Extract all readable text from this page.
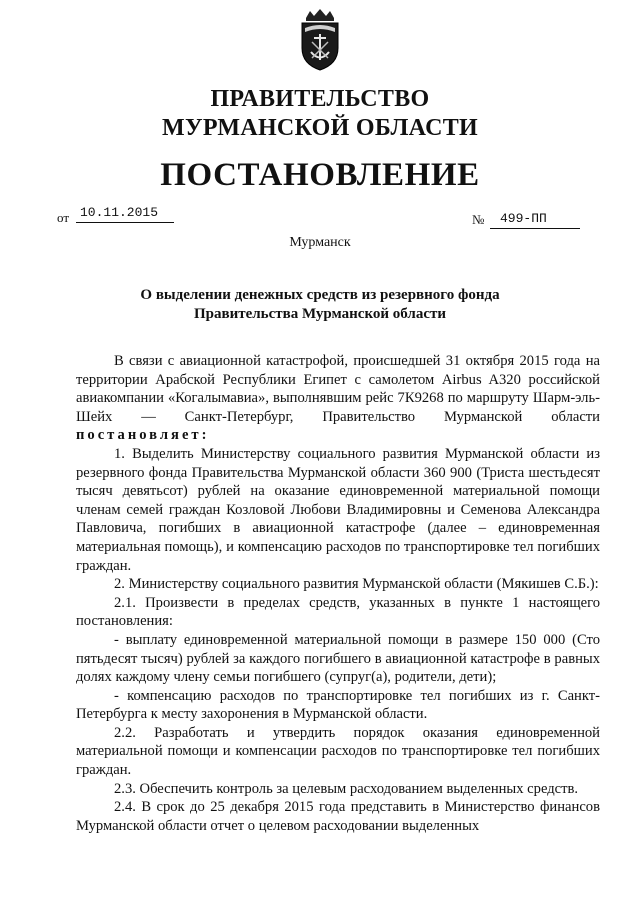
ПРАВИТЕЛЬСТВО
МУРМАНСКОЙ ОБЛАСТИ
ПОСТАНОВЛЕНИЕ
от 10.11.2015	№ 499-ПП
Мурманск
О выделении денежных средств из резервного фонда
Правительства Мурманской области

В связи с авиационной катастрофой, происшедшей 31 октября 2015 года на территории Арабской Республики Египет с самолетом Airbus A320 российской авиакомпании «Когалымавиа», выполнявшим рейс 7К9268 по маршруту Шарм-эль-Шейх — Санкт-Петербург, Правительство Мурманской области постановляет:

1. Выделить Министерству социального развития Мурманской области из резервного фонда Правительства Мурманской области 360 900 (Триста шестьдесят тысяч девятьсот) рублей на оказание единовременной материальной помощи членам семей граждан Козловой Любови Владимировны и Семенова Александра Павловича, погибших в авиационной катастрофе (далее – единовременная материальная помощь), и компенсацию расходов по транспортировке тел погибших граждан.

2. Министерству социального развития Мурманской области (Мякишев С.Б.):

2.1. Произвести в пределах средств, указанных в пункте 1 настоящего постановления:

- выплату единовременной материальной помощи в размере 150 000 (Сто пятьдесят тысяч) рублей за каждого погибшего в авиационной катастрофе в равных долях каждому члену семьи погибшего (супруг(а), родители, дети);

- компенсацию расходов по транспортировке тел погибших из г. Санкт-Петербурга к месту захоронения в Мурманской области.

2.2. Разработать и утвердить порядок оказания единовременной материальной помощи и компенсации расходов по транспортировке тел погибших граждан.

2.3. Обеспечить контроль за целевым расходованием выделенных средств.

2.4. В срок до 25 декабря 2015 года представить в Министерство финансов Мурманской области отчет о целевом расходовании выделенных
